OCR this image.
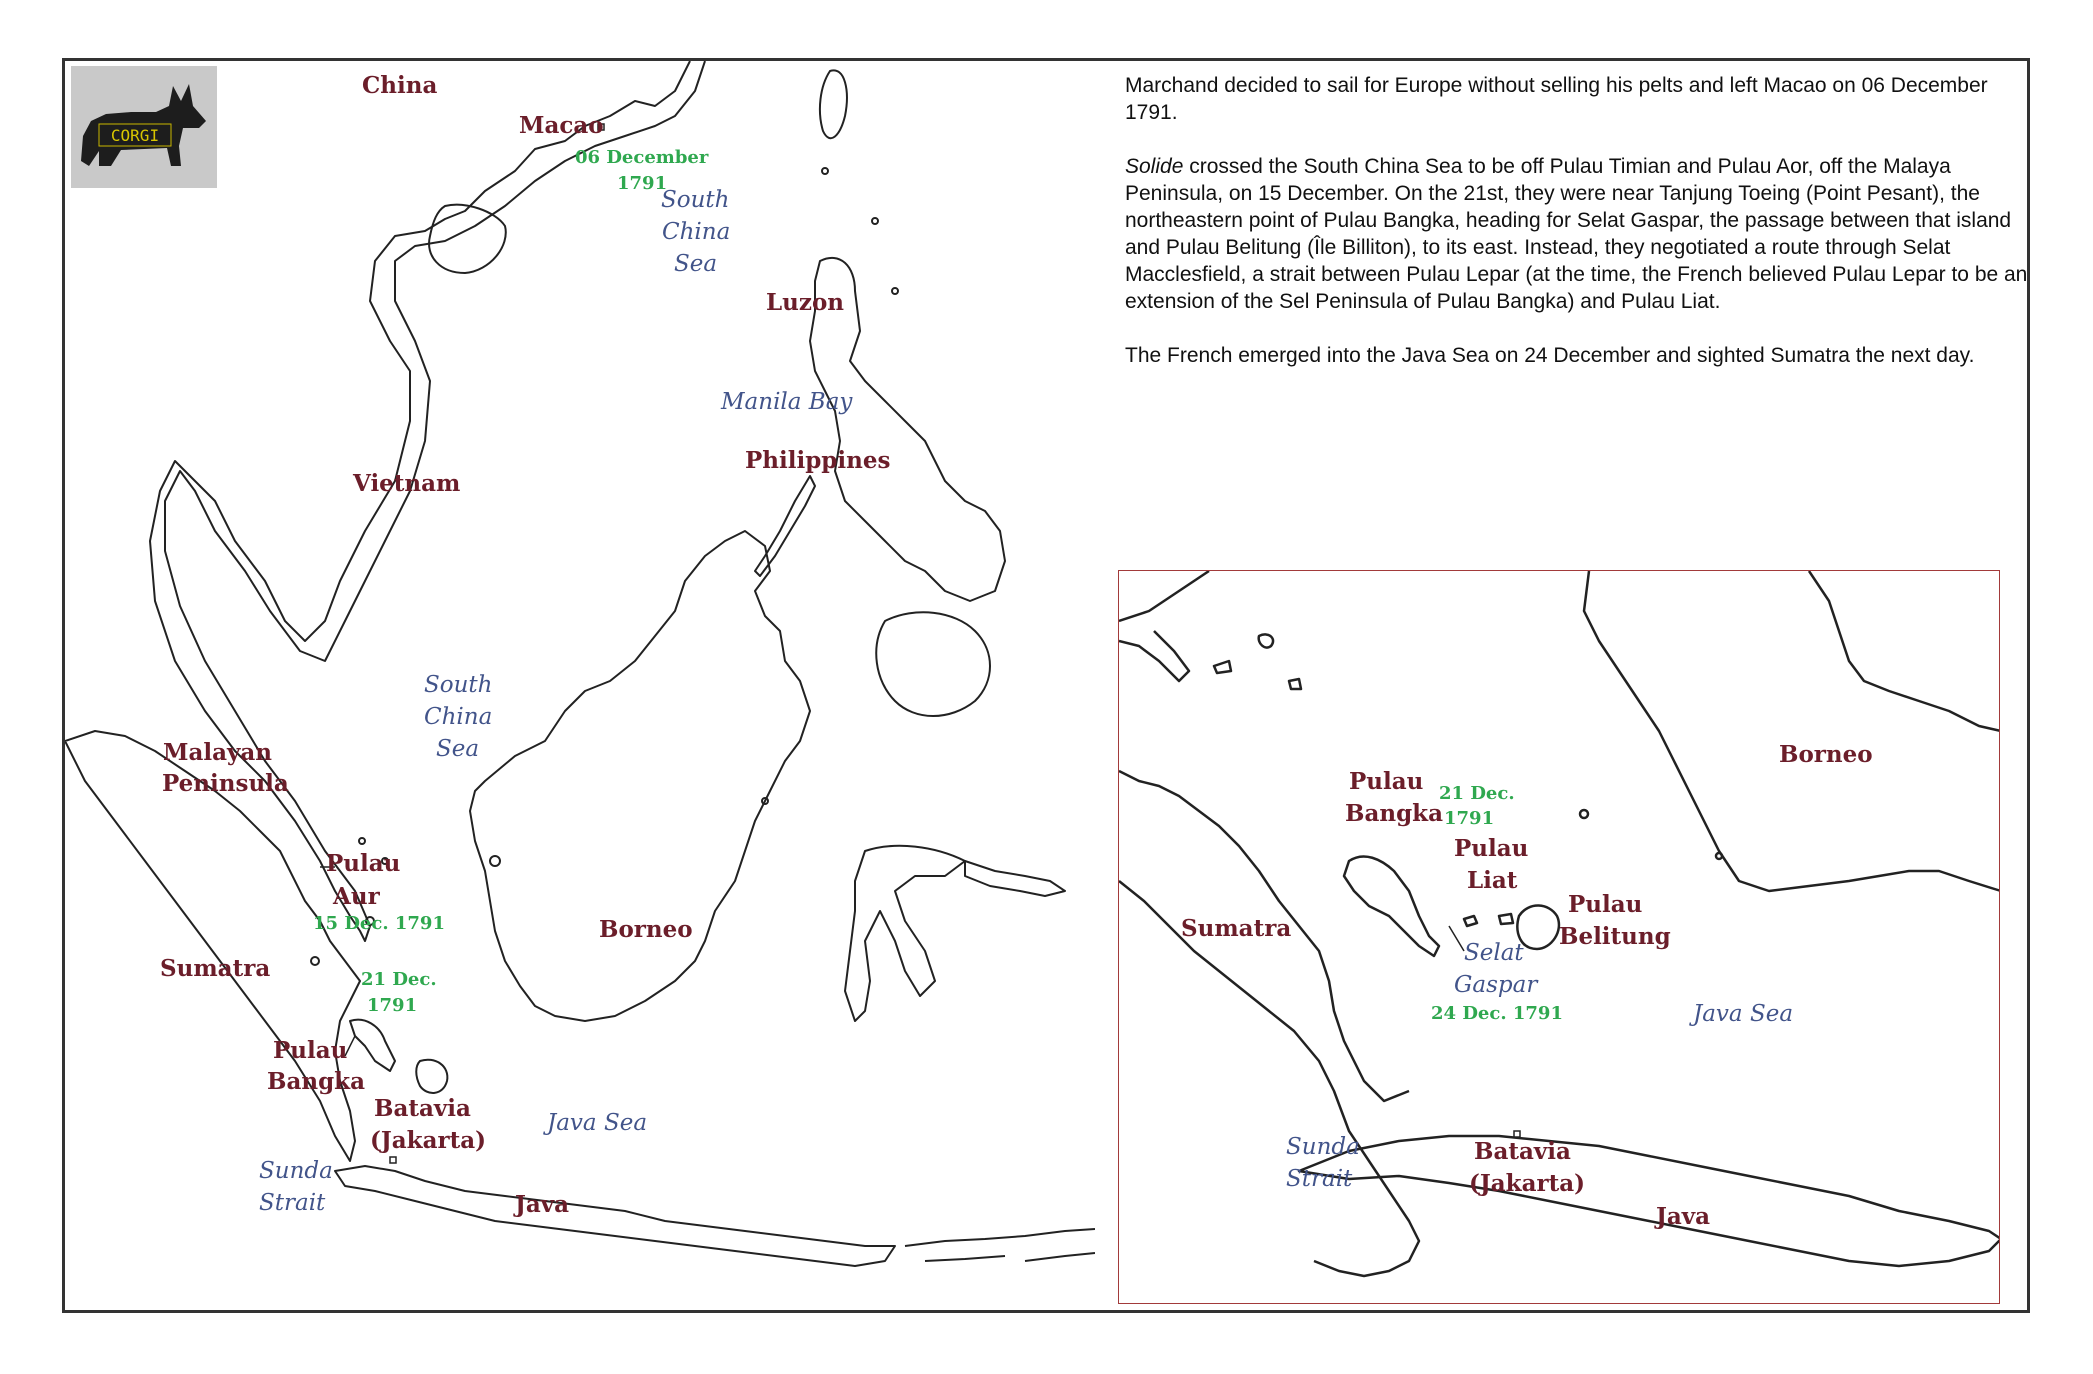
CORGI
China
Macao
06 December
1791
South
China
Sea
Luzon
Manila Bay
Philippines
Vietnam
South
China
Sea
Malayan
Peninsula
Pulau
Aur
15 Dec. 1791	Borneo
Sumatra	21 Dec.
1791
Pulau
Bangka
Batavia
(Jakarta)
Java Sea
Sunda
Strait	Java

Marchand decided to sail for Europe without selling his pelts and left Macao on 06 December 1791.

Solide crossed the South China Sea to be off Pulau Timian and Pulau Aor, off the Malaya Peninsula, on 15 December. On the 21st, they were near Tanjung Toeing (Point Pesant), the northeastern point of Pulau Bangka, heading for Selat Gaspar, the passage between that island and Pulau Belitung (Île Billiton), to its east. Instead, they negotiated a route through Selat Macclesfield, a strait between Pulau Lepar (at the time, the French believed Pulau Lepar to be an extension of the Sel Peninsula of Pulau Bangka) and Pulau Liat.

The French emerged into the Java Sea on 24 December and sighted Sumatra the next day.

Pulau
Bangka
21 Dec.
1791
Pulau
Liat
Pulau
Belitung
Borneo
Sumatra
Selat
Gaspar
24 Dec. 1791	Java Sea
Sunda
Strait
Batavia
(Jakarta)
Java
